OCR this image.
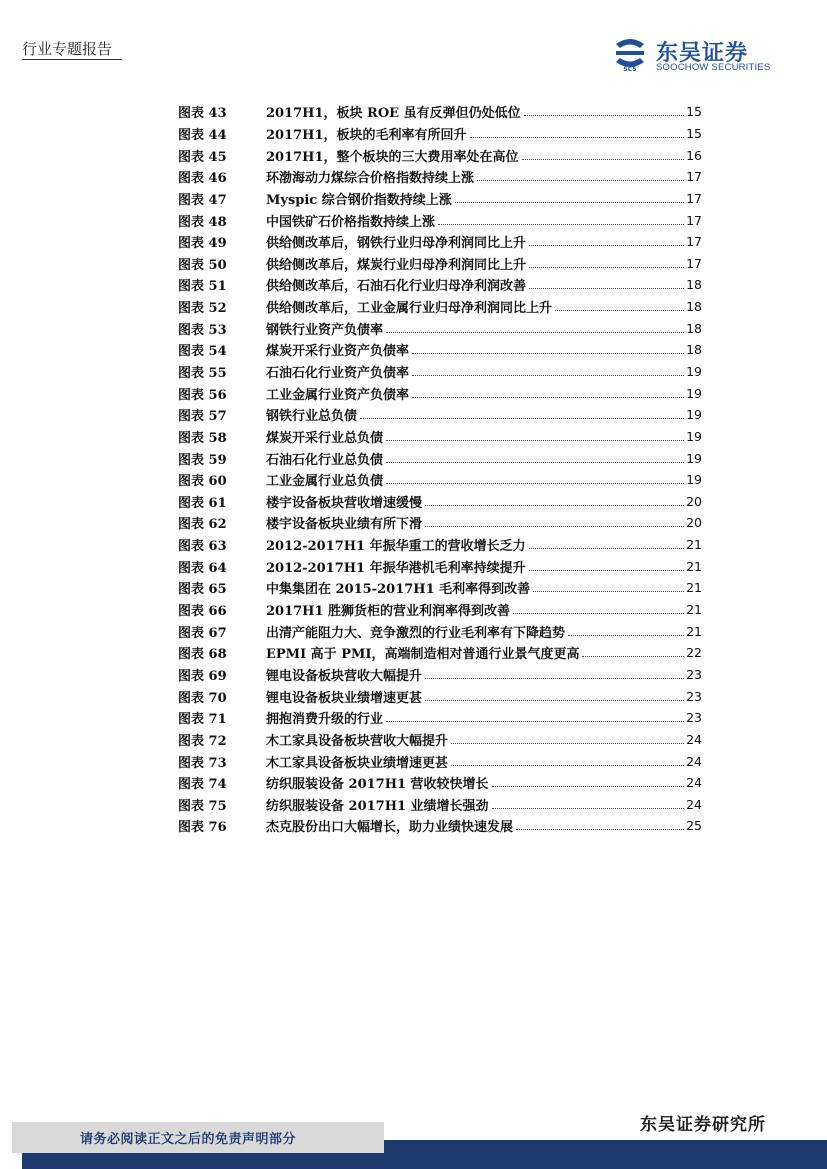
行业专题报告
SCS
东吴证券
SOOCHOW SECURITIES
图表 43	2017H1，板块 ROE 虽有反弹但仍处低位	15
图表 44	2017H1，板块的毛利率有所回升	15
图表 45	2017H1，整个板块的三大费用率处在高位	16
图表 46	环渤海动力煤综合价格指数持续上涨	17
图表 47	Myspic 综合钢价指数持续上涨	17
图表 48	中国铁矿石价格指数持续上涨	17
图表 49	供给侧改革后，钢铁行业归母净利润同比上升	17
图表 50	供给侧改革后，煤炭行业归母净利润同比上升	17
图表 51	供给侧改革后，石油石化行业归母净利润改善	18
图表 52	供给侧改革后，工业金属行业归母净利润同比上升	18
图表 53	钢铁行业资产负债率	18
图表 54	煤炭开采行业资产负债率	18
图表 55	石油石化行业资产负债率	19
图表 56	工业金属行业资产负债率	19
图表 57	钢铁行业总负债	19
图表 58	煤炭开采行业总负债	19
图表 59	石油石化行业总负债	19
图表 60	工业金属行业总负债	19
图表 61	楼宇设备板块营收增速缓慢	20
图表 62	楼宇设备板块业绩有所下滑	20
图表 63	2012-2017H1 年振华重工的营收增长乏力	21
图表 64	2012-2017H1 年振华港机毛利率持续提升	21
图表 65	中集集团在 2015-2017H1 毛利率得到改善	21
图表 66	2017H1 胜狮货柜的营业利润率得到改善	21
图表 67	出清产能阻力大、竞争激烈的行业毛利率有下降趋势	21
图表 68	EPMI 高于 PMI，高端制造相对普通行业景气度更高	22
图表 69	锂电设备板块营收大幅提升	23
图表 70	锂电设备板块业绩增速更甚	23
图表 71	拥抱消费升级的行业	23
图表 72	木工家具设备板块营收大幅提升	24
图表 73	木工家具设备板块业绩增速更甚	24
图表 74	纺织服装设备 2017H1 营收较快增长	24
图表 75	纺织服装设备 2017H1 业绩增长强劲	24
图表 76	杰克股份出口大幅增长，助力业绩快速发展	25
东吴证券研究所
请务必阅读正文之后的免责声明部分
